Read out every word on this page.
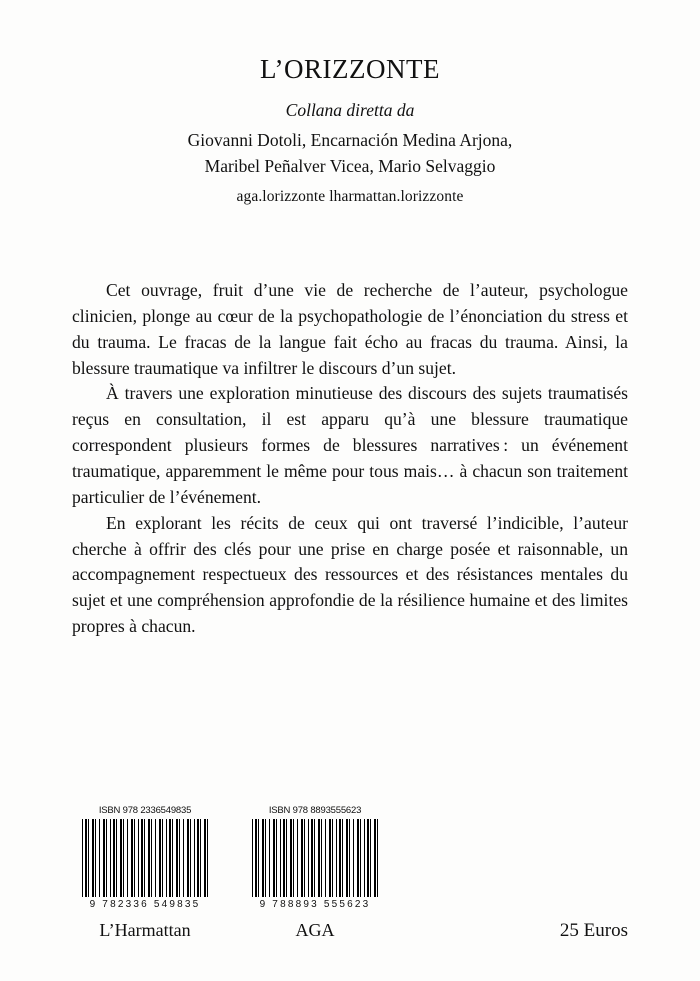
L’ORIZZONTE
Collana diretta da
Giovanni Dotoli, Encarnación Medina Arjona,
Maribel Peñalver Vicea, Mario Selvaggio
aga.lorizzonte lharmattan.lorizzonte

Cet ouvrage, fruit d’une vie de recherche de l’auteur, psychologue clinicien, plonge au cœur de la psychopathologie de l’énonciation du stress et du trauma. Le fracas de la langue fait écho au fracas du trauma. Ainsi, la blessure traumatique va infiltrer le discours d’un sujet.

À travers une exploration minutieuse des discours des sujets traumatisés reçus en consultation, il est apparu qu’à une blessure traumatique correspondent plusieurs formes de blessures narratives : un événement traumatique, apparemment le même pour tous mais… à chacun son traitement particulier de l’événement.

En explorant les récits de ceux qui ont traversé l’indicible, l’auteur cherche à offrir des clés pour une prise en charge posée et raisonnable, un accompagnement respectueux des ressources et des résistances mentales du sujet et une compréhension approfondie de la résilience humaine et des limites propres à chacun.

ISBN 978 2336549835
9 782336 549835
ISBN 978 8893555623
9 788893 555623
L’Harmattan	AGA	25 Euros
